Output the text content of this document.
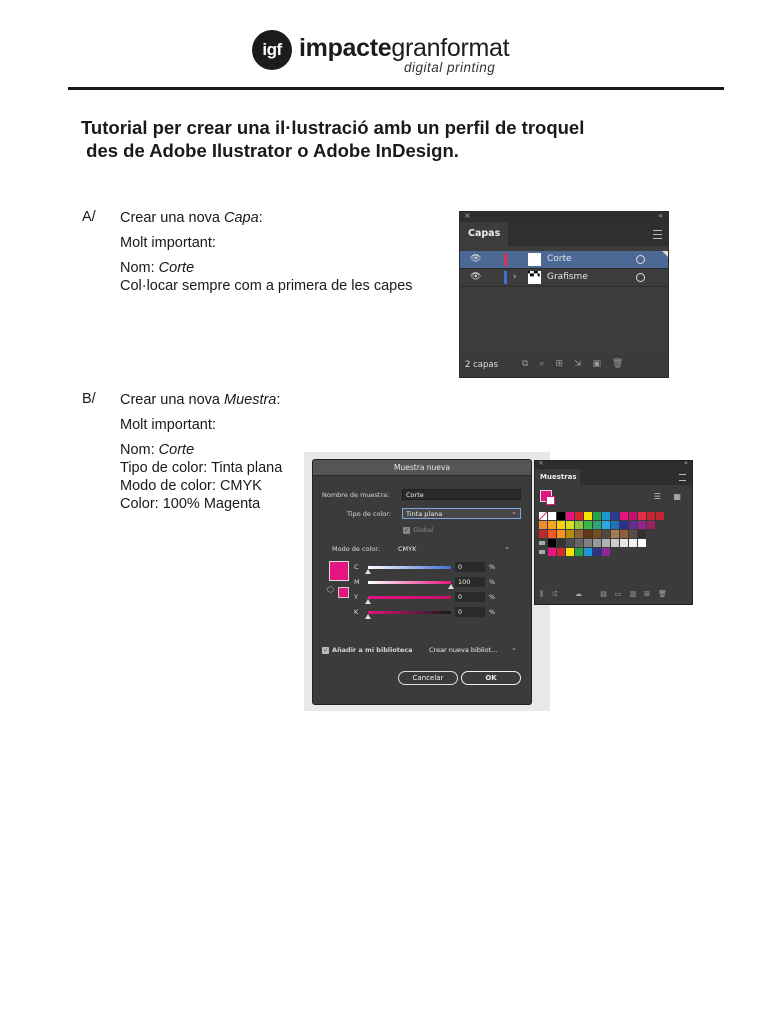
igf impactegranformat
digital printing
Tutorial per crear una il·lustració amb un perfil de troquel
des de Adobe Ilustrator o Adobe InDesign.
A/ Crear una nova Capa:

Molt important:

Nom: Corte

Col·locar sempre com a primera de les capes

×	«
Capas
👁	Corte
👁	› ▚▞▚ Grafisme
2 capas	⧉⌕⊞⇲▣🗑
B/ Crear una nova Muestra:

Molt important:

Nom: Corte

Tipo de color: Tinta plana

Modo de color: CMYK

Color: 100% Magenta

Muestra nueva
Nombre de muestra:	Corte
Tipo de color:	Tinta plana ⌄
✓ Global
Modo de color:	CMYK ⌄
⬡
C	0	%
M	100	%
Y	0	%
K	0	%
✓ Añadir a mi biblioteca	Crear nueva bibliot... ⌄
Cancelar	OK
×	«
Muestras
☰ ▦
⫼⤮ ☁ ▤▭▥⊞🗑
